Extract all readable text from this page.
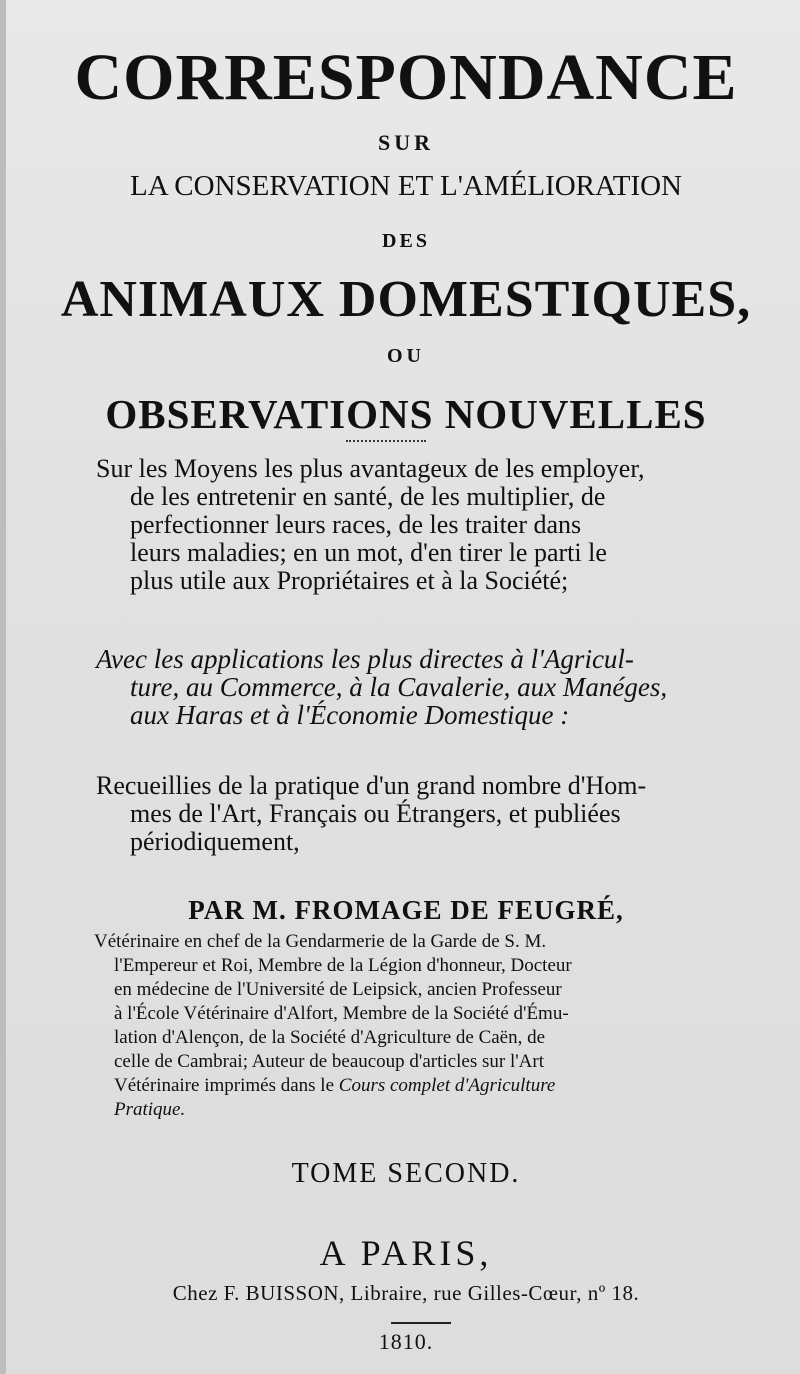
CORRESPONDANCE
SUR
LA CONSERVATION ET L'AMÉLIORATION
DES
ANIMAUX DOMESTIQUES,
OU
OBSERVATIONS NOUVELLES
Sur les Moyens les plus avantageux de les employer,
de les entretenir en santé, de les multiplier, de
perfectionner leurs races, de les traiter dans
leurs maladies; en un mot, d'en tirer le parti le
plus utile aux Propriétaires et à la Société;
Avec les applications les plus directes à l'Agricul-
ture, au Commerce, à la Cavalerie, aux Manéges,
aux Haras et à l'Économie Domestique :
Recueillies de la pratique d'un grand nombre d'Hom-
mes de l'Art, Français ou Étrangers, et publiées
périodiquement,
PAR M. FROMAGE DE FEUGRÉ,
Vétérinaire en chef de la Gendarmerie de la Garde de S. M.
l'Empereur et Roi, Membre de la Légion d'honneur, Docteur
en médecine de l'Université de Leipsick, ancien Professeur
à l'École Vétérinaire d'Alfort, Membre de la Société d'Ému-
lation d'Alençon, de la Société d'Agriculture de Caën, de
celle de Cambrai; Auteur de beaucoup d'articles sur l'Art
Vétérinaire imprimés dans le Cours complet d'Agriculture
Pratique.
TOME SECOND.
A PARIS,
Chez F. BUISSON, Libraire, rue Gilles-Cœur, nº 18.
1810.
